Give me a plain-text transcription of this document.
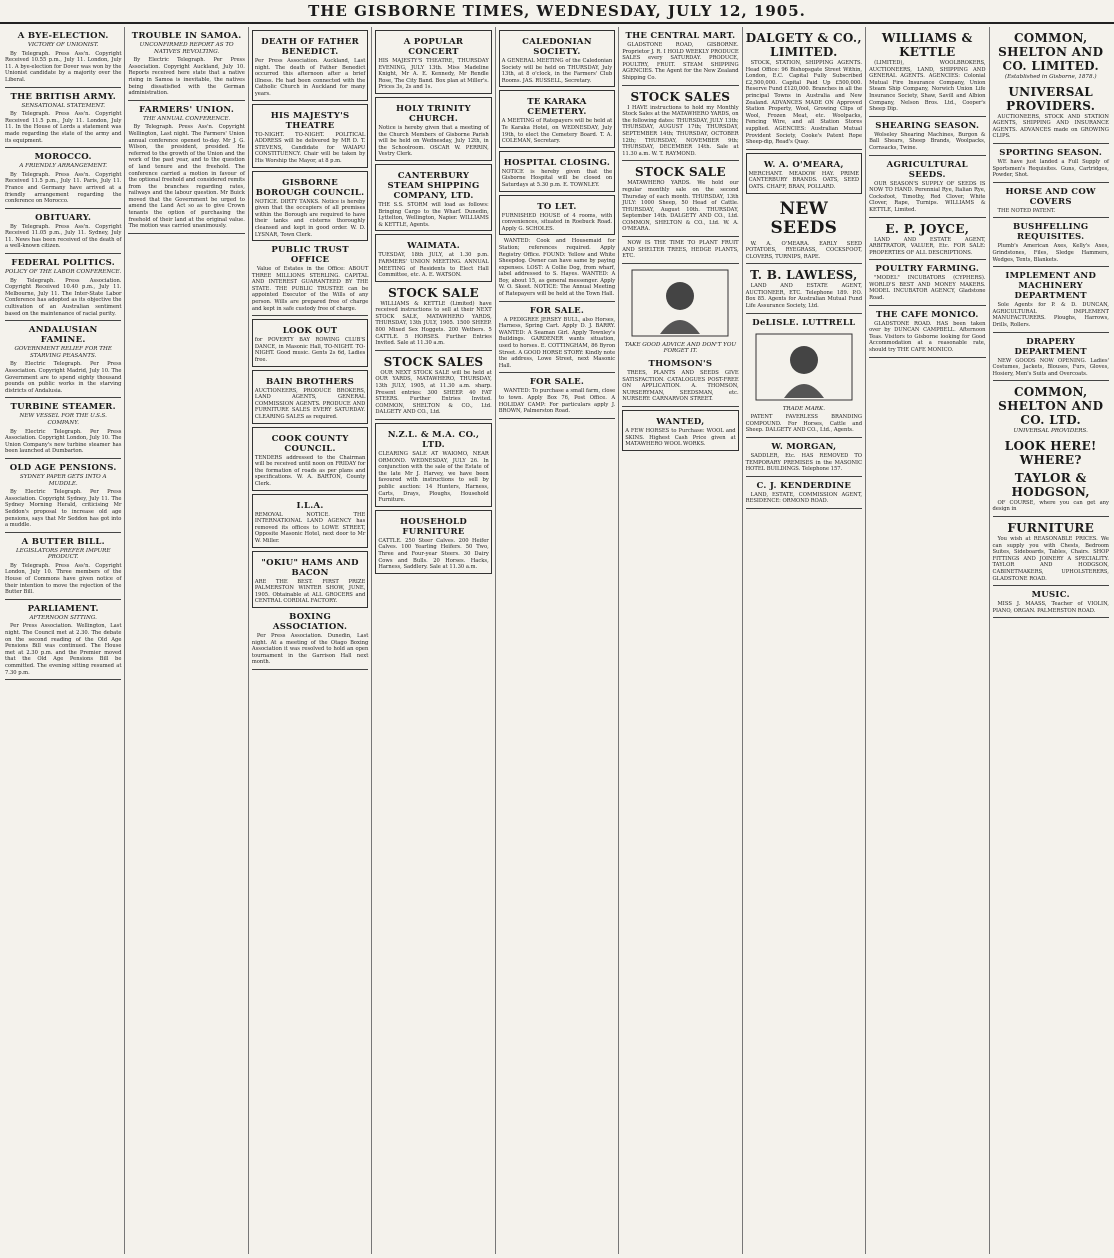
THE GISBORNE TIMES, WEDNESDAY, JULY 12, 1905.
A BYE-ELECTION.
VICTORY OF UNIONIST.

By Telegraph. Press Ass'n. Copyright Received 10.55 p.m., July 11. London, July 11. A bye-election for Dover was won by the Unionist candidate by a majority over the Liberal.

THE BRITISH ARMY.
SENSATIONAL STATEMENT.

By Telegraph. Press Ass'n. Copyright Received 11.5 p.m., July 11. London, July 11. In the House of Lords a statement was made regarding the state of the army and its equipment.

MOROCCO.
A FRIENDLY ARRANGEMENT.

By Telegraph. Press Ass'n. Copyright Received 11.5 p.m., July 11. Paris, July 11. France and Germany have arrived at a friendly arrangement regarding the conference on Morocco.

OBITUARY.

By Telegraph. Press Ass'n. Copyright Received 11.05 p.m., July 11. Sydney, July 11. News has been received of the death of a well-known citizen.

FEDERAL POLITICS.
POLICY OF THE LABOR CONFERENCE.

By Telegraph. Press Association. Copyright Received 10.40 p.m., July 11. Melbourne, July 11. The Inter-State Labor Conference has adopted as its objective the cultivation of an Australian sentiment based on the maintenance of racial purity.

ANDALUSIAN FAMINE.
GOVERNMENT RELIEF FOR THE STARVING PEASANTS.

By Electric Telegraph. Per Press Association. Copyright Madrid, July 10. The Government are to spend eighty thousand pounds on public works in the starving districts of Andalusia.

TURBINE STEAMER.
NEW VESSEL FOR THE U.S.S. COMPANY.

By Electric Telegraph. Per Press Association. Copyright London, July 10. The Union Company's new turbine steamer has been launched at Dumbarton.

OLD AGE PENSIONS.
SYDNEY PAPER GETS INTO A MUDDLE.

By Electric Telegraph. Per Press Association. Copyright Sydney, July 11. The Sydney Morning Herald, criticising Mr Seddon's proposal to increase old age pensions, says that Mr Seddon has got into a muddle.

A BUTTER BILL.
LEGISLATORS PREFER IMPURE PRODUCT.

By Telegraph. Press Ass'n. Copyright London, July 10. Three members of the House of Commons have given notice of their intention to move the rejection of the Butter Bill.

PARLIAMENT.
AFTERNOON SITTING.

Per Press Association. Wellington, Last night. The Council met at 2.30. The debate on the second reading of the Old Age Pensions Bill was continued. The House met at 2.30 p.m. and the Premier moved that the Old Age Pensions Bill be committed. The evening sitting resumed at 7.30 p.m.

TROUBLE IN SAMOA.
UNCONFIRMED REPORT AS TO NATIVES REVOLTING.

By Electric Telegraph. Per Press Association. Copyright Auckland, July 10. Reports received here state that a native rising in Samoa is inevitable, the natives being dissatisfied with the German administration.

FARMERS' UNION.
THE ANNUAL CONFERENCE.

By Telegraph. Press Ass'n. Copyright Wellington, Last night. The Farmers' Union annual conference opened to-day. Mr J. G. Wilson, the president, presided. He referred to the growth of the Union and the work of the past year, and to the question of land tenure and the freehold. The conference carried a motion in favour of the optional freehold and considered remits from the branches regarding rates, railways and the labour question. Mr Buick moved that the Government be urged to amend the Land Act so as to give Crown tenants the option of purchasing the freehold of their land at the original value. The motion was carried unanimously.

DEATH OF FATHER BENEDICT.
Per Press Association. Auckland, Last night. The death of Father Benedict occurred this afternoon after a brief illness. He had been connected with the Catholic Church in Auckland for many years.
HIS MAJESTY'S THEATRE
TO-NIGHT. TO-NIGHT. POLITICAL ADDRESS will be delivered by MR D. T. STEVENS, Candidate for WAIAPU CONSTITUENCY. Chair will be taken by His Worship the Mayor, at 8 p.m.
GISBORNE BOROUGH COUNCIL.
NOTICE. DIRTY TANKS. Notice is hereby given that the occupiers of all premises within the Borough are required to have their tanks and cisterns thoroughly cleansed and kept in good order. W. D. LYSNAR, Town Clerk.
PUBLIC TRUST OFFICE

Value of Estates in the Office: ABOUT THREE MILLIONS STERLING. CAPITAL AND INTEREST GUARANTEED BY THE STATE. THE PUBLIC TRUSTEE can be appointed Executor of the Wills of any person. Wills are prepared free of charge and kept in safe custody free of charge.

LOOK OUT
for POVERTY BAY ROWING CLUB'S DANCE, in Masonic Hall, TO-NIGHT. TO-NIGHT. Good music. Gents 2s 6d, Ladies free.
BAIN BROTHERS
AUCTIONEERS, PRODUCE BROKERS, LAND AGENTS, GENERAL COMMISSION AGENTS. PRODUCE AND FURNITURE SALES EVERY SATURDAY. CLEARING SALES as required.
COOK COUNTY COUNCIL.
TENDERS addressed to the Chairman will be received until noon on FRIDAY for the formation of roads as per plans and specifications. W. A. BARTON, County Clerk.
I.L.A.
REMOVAL NOTICE. THE INTERNATIONAL LAND AGENCY has removed its offices to LOWE STREET, Opposite Masonic Hotel, next door to Mr W. Miller.
"OKIU" HAMS AND BACON
ARE THE BEST. FIRST PRIZE PALMERSTON WINTER SHOW, JUNE, 1905. Obtainable at ALL GROCERS and CENTRAL CORDIAL FACTORY.
BOXING ASSOCIATION.

Per Press Association. Dunedin, Last night. At a meeting of the Otago Boxing Association it was resolved to hold an open tournament in the Garrison Hall next month.

A POPULAR CONCERT
HIS MAJESTY'S THEATRE, THURSDAY EVENING, JULY 13th. Miss Madeline Knight, Mr A. E. Kennedy, Mr Rendle Rose, The City Band. Box plan at Miller's. Prices 3s, 2s and 1s.
HOLY TRINITY CHURCH.
Notice is hereby given that a meeting of the Church Members of Gisborne Parish will be held on Wednesday, July 12th, in the Schoolroom. OSCAR W. PERRIN, Vestry Clerk.
CANTERBURY STEAM SHIPPING COMPANY, LTD.
THE S.S. STORM will load as follows: Bringing Cargo to the Wharf. Dunedin, Lyttelton, Wellington, Napier. WILLIAMS & KETTLE, Agents.
WAIMATA.
TUESDAY, 18th JULY, at 1.30 p.m. FARMERS' UNION MEETING. ANNUAL MEETING of Residents to Elect Hall Committee, etc. A. E. WATSON.
STOCK SALE

WILLIAMS & KETTLE (Limited) have received instructions to sell at their NEXT STOCK SALE, MATAWHERO YARDS, THURSDAY, 13th JULY, 1905. 1500 SHEEP. 800 Mixed Sex Hoggets. 200 Wethers. 5 CATTLE. 5 HORSES. Further Entries Invited. Sale at 11.30 a.m.

STOCK SALES

OUR NEXT STOCK SALE will be held at OUR YARDS, MATAWHERO, THURSDAY, 13th JULY, 1905, at 11.30 a.m. sharp. Present entries: 300 SHEEP. 40 FAT STEERS. Further Entries Invited. COMMON, SHELTON & CO., Ltd. DALGETY AND CO., Ltd.

N.Z.L. & M.A. CO., LTD.
CLEARING SALE AT WAIOMO, NEAR ORMOND. WEDNESDAY, JULY 26. In conjunction with the sale of the Estate of the late Mr J. Harvey, we have been favoured with instructions to sell by public auction: 14 Hunters, Harness, Carts, Drays, Ploughs, Household Furniture.
HOUSEHOLD FURNITURE
CATTLE. 250 Steer Calves. 200 Heifer Calves. 100 Yearling Heifers. 50 Two, Three and Four-year Steers. 30 Dairy Cows and Bulls. 20 Horses. Hacks, Harness, Saddlery. Sale at 11.30 a.m.
CALEDONIAN SOCIETY.
A GENERAL MEETING of the Caledonian Society will be held on THURSDAY, July 13th, at 8 o'clock, in the Farmers' Club Rooms. JAS. RUSSELL, Secretary.
TE KARAKA CEMETERY.
A MEETING of Ratepayers will be held at Te Karaka Hotel, on WEDNESDAY, July 19th, to elect the Cemetery Board. T. A. COLEMAN, Secretary.
HOSPITAL CLOSING.
NOTICE is hereby given that the Gisborne Hospital will be closed on Saturdays at 5.30 p.m. E. TOWNLEY.
TO LET.
FURNISHED HOUSE of 4 rooms, with conveniences, situated in Roebuck Road. Apply G. SCHOLES.

WANTED: Cook and Housemaid for Station; references required. Apply Registry Office. FOUND: Yellow and White Sheepdog. Owner can have same by paying expenses. LOST: A Collie Dog, from wharf, label addressed to S. Hayes. WANTED: A Boy, about 15, as general messenger. Apply W. O. Skeet. NOTICE: The Annual Meeting of Ratepayers will be held at the Town Hall.

FOR SALE.

A PEDIGREE JERSEY BULL, also Horses, Harness, Spring Cart. Apply D. J. BARRY. WANTED: A Seaman Girl. Apply Townley's Buildings. GARDENER wants situation, used to horses. E. COTTINGHAM, 86 Byron Street. A GOOD HORSE STORY: Kindly note the address, Lowe Street, next Masonic Hall.

FOR SALE.

WANTED: To purchase a small farm, close to town. Apply Box 76, Post Office. A HOLIDAY CAMP: For particulars apply J. BROWN, Palmerston Road.

THE CENTRAL MART.

GLADSTONE ROAD, GISBORNE. Proprietor J. R. I HOLD WEEKLY PRODUCE SALES every SATURDAY. PRODUCE, POULTRY, FRUIT. STEAM SHIPPING AGENCIES. The Agent for the New Zealand Shipping Co.

STOCK SALES

I HAVE instructions to hold my Monthly Stock Sales at the MATAWHERO YARDS, on the following dates: THURSDAY, JULY 13th; THURSDAY, AUGUST 17th; THURSDAY, SEPTEMBER 14th; THURSDAY, OCTOBER 12th; THURSDAY, NOVEMBER 9th; THURSDAY, DECEMBER 14th. Sale at 11.30 a.m. W. T. RAYMOND.

STOCK SALE

MATAWHERO YARDS. We hold our regular monthly sale on the second Thursday of each month. THURSDAY, 13th JULY: 1000 Sheep, 50 Head of Cattle. THURSDAY, August 10th. THURSDAY, September 14th. DALGETY AND CO., Ltd. COMMON, SHELTON & CO., Ltd. W. A. O'MEARA.

NOW IS THE TIME TO PLANT FRUIT AND SHELTER TREES, HEDGE PLANTS, ETC.

TAKE GOOD ADVICE AND DON'T YOU FORGET IT.
THOMSON'S

TREES, PLANTS AND SEEDS GIVE SATISFACTION. CATALOGUES POST-FREE ON APPLICATION. A. THOMSON, NURSERYMAN, SEEDSMAN, etc. NURSERY: CARNARVON STREET.

WANTED,
A FEW HORSES to Purchase: WOOL and SKINS. Highest Cash Price given at MATAWHERO WOOL WORKS.
DALGETY & CO., LIMITED.

STOCK, STATION, SHIPPING AGENTS. Head Office: 96 Bishopsgate Street Within, London, E.C. Capital Fully Subscribed £2,500,000. Capital Paid Up £500,000. Reserve Fund £120,000. Branches in all the principal Towns in Australia and New Zealand. ADVANCES MADE ON Approved Station Property, Wool, Growing Clips of Wool, Frozen Meat, etc. Woolpacks, Fencing Wire, and all Station Stores supplied. AGENCIES: Australian Mutual Provident Society, Cooke's Patent Rope Sheep-dip, Read's Quay.

W. A. O'MEARA,
MERCHANT. MEADOW HAY. PRIME CANTERBURY BRANDS. OATS, SEED OATS. CHAFF, BRAN, POLLARD.
NEW SEEDS

W. A. O'MEARA. EARLY SEED POTATOES, RYEGRASS, COCKSFOOT, CLOVERS, TURNIPS, RAPE.

T. B. LAWLESS,

LAND AND ESTATE AGENT, AUCTIONEER, ETC. Telephone 189. P.O. Box 85. Agents for Australian Mutual Fund Life Assurance Society, Ltd.

DeLISLE. LUTTRELL
TRADE MARK.

PATENT FAVERLESS BRANDING COMPOUND. For Horses, Cattle and Sheep. DALGETY AND CO., Ltd., Agents.

W. MORGAN,

SADDLER, Etc. HAS REMOVED TO TEMPORARY PREMISES in the MASONIC HOTEL BUILDINGS. Telephone 157.

C. J. KENDERDINE

LAND, ESTATE, COMMISSION AGENT, RESIDENCE: ORMOND ROAD.

WILLIAMS & KETTLE

(LIMITED), WOOLBROKERS, AUCTIONEERS, LAND, SHIPPING AND GENERAL AGENTS. AGENCIES: Colonial Mutual Fire Insurance Company, Union Steam Ship Company, Norwich Union Life Insurance Society, Shaw, Savill and Albion Company, Nelson Bros. Ltd., Cooper's Sheep Dip.

SHEARING SEASON.

Wolseley Shearing Machines, Burgon & Ball Shears, Sheep Brands, Woolpacks, Cornsacks, Twine.

AGRICULTURAL SEEDS.

OUR SEASON'S SUPPLY OF SEEDS IS NOW TO HAND. Perennial Rye, Italian Rye, Cocksfoot, Timothy, Red Clover, White Clover, Rape, Turnips. WILLIAMS & KETTLE, Limited.

E. P. JOYCE,

LAND AND ESTATE AGENT, ARBITRATOR, VALUER, Etc. FOR SALE: PROPERTIES OF ALL DESCRIPTIONS.

POULTRY FARMING.

"MODEL" INCUBATORS (CYPHERS). WORLD'S BEST AND MONEY MAKERS. MODEL INCUBATOR AGENCY, Gladstone Road.

THE CAFE MONICO.

GLADSTONE ROAD. HAS been taken over by DUNCAN CAMPBELL. Afternoon Teas. Visitors to Gisborne looking for Good Accommodation at a reasonable rate, should try THE CAFE MONICO.

COMMON, SHELTON AND CO. LIMITED.
(Established in Gisborne, 1878.)
UNIVERSAL PROVIDERS.

AUCTIONEERS, STOCK AND STATION AGENTS, SHIPPING AND INSURANCE AGENTS. ADVANCES made on GROWING CLIPS.

SPORTING SEASON.

WE have just landed a Full Supply of Sportsmen's Requisites. Guns, Cartridges, Powder, Shot.

HORSE AND COW COVERS

THE NOTED PATENT.

BUSHFELLING REQUISITES.

Plumb's American Axes, Kelly's Axes, Grindstones, Files, Sledge Hammers, Wedges, Tents, Blankets.

IMPLEMENT AND MACHINERY DEPARTMENT

Sole Agents for P. & D. DUNCAN, AGRICULTURAL IMPLEMENT MANUFACTURERS. Ploughs, Harrows, Drills, Rollers.

DRAPERY DEPARTMENT

NEW GOODS NOW OPENING. Ladies' Costumes, Jackets, Blouses, Furs, Gloves, Hosiery, Men's Suits and Overcoats.

COMMON, SHELTON AND CO. LTD.
UNIVERSAL PROVIDERS.
LOOK HERE! WHERE?
TAYLOR & HODGSON,

OF COURSE, where you can get any design in

FURNITURE

You wish at REASONABLE PRICES. We can supply you with Chests, Bedroom Suites, Sideboards, Tables, Chairs. SHOP FITTINGS AND JOINERY A SPECIALITY. TAYLOR AND HODGSON, CABINETMAKERS, UPHOLSTERERS, GLADSTONE ROAD.

MUSIC.

MISS J. MAASS, Teacher of VIOLIN, PIANO, ORGAN. PALMERSTON ROAD.
